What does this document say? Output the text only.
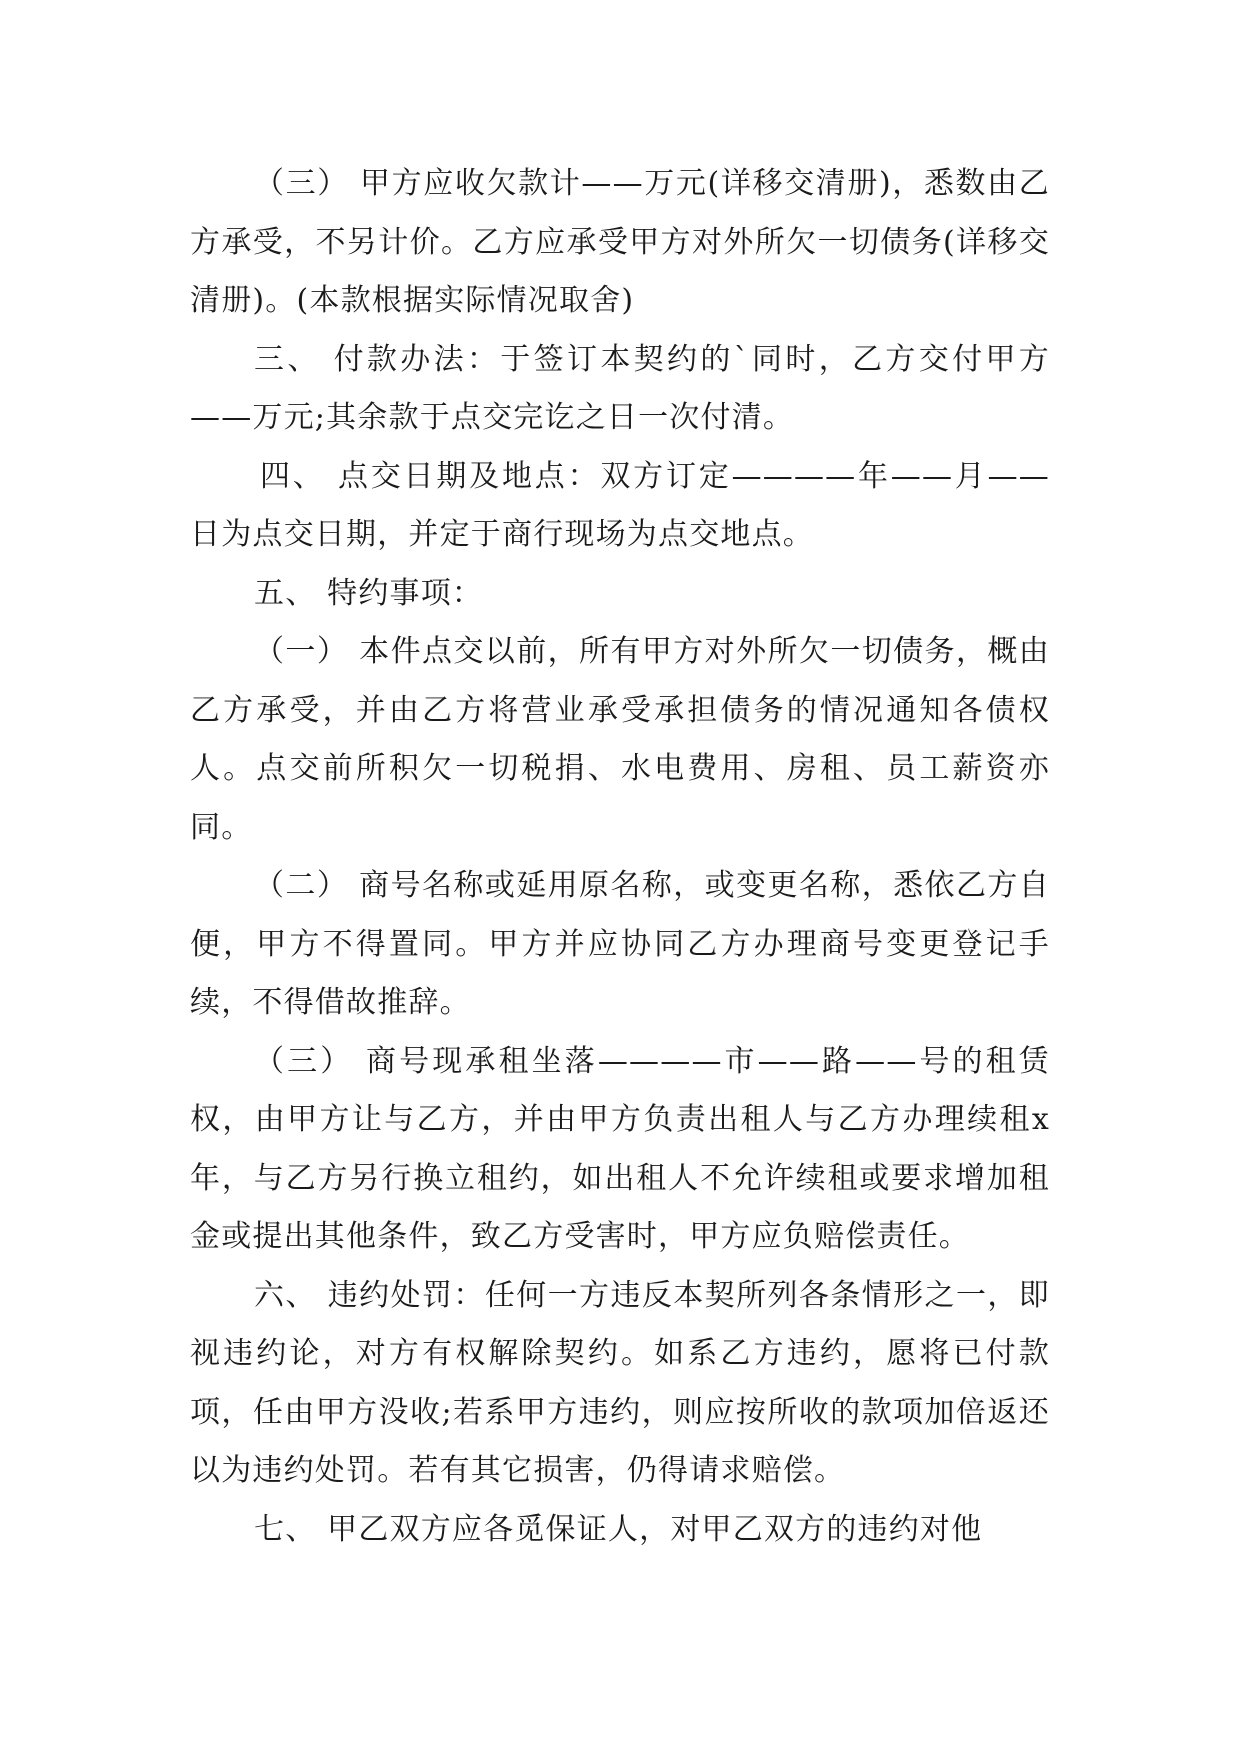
（三） 甲方应收欠款计——万元(详移交清册)，悉数由乙方承受，不另计价。乙方应承受甲方对外所欠一切债务(详移交清册)。(本款根据实际情况取舍)

三、 付款办法：于签订本契约的`同时，乙方交付甲方——万元;其余款于点交完讫之日一次付清。

四、 点交日期及地点：双方订定————年——月——日为点交日期，并定于商行现场为点交地点。

五、 特约事项：

（一） 本件点交以前，所有甲方对外所欠一切债务，概由乙方承受，并由乙方将营业承受承担债务的情况通知各债权人。点交前所积欠一切税捐、水电费用、房租、员工薪资亦同。

（二） 商号名称或延用原名称，或变更名称，悉依乙方自便，甲方不得置同。甲方并应协同乙方办理商号变更登记手续，不得借故推辞。

（三） 商号现承租坐落————市——路——号的租赁权，由甲方让与乙方，并由甲方负责出租人与乙方办理续租x年，与乙方另行换立租约，如出租人不允许续租或要求增加租金或提出其他条件，致乙方受害时，甲方应负赔偿责任。

六、 违约处罚：任何一方违反本契所列各条情形之一，即视违约论，对方有权解除契约。如系乙方违约，愿将已付款项，任由甲方没收;若系甲方违约，则应按所收的款项加倍返还以为违约处罚。若有其它损害，仍得请求赔偿。

七、 甲乙双方应各觅保证人，对甲乙双方的违约对他
